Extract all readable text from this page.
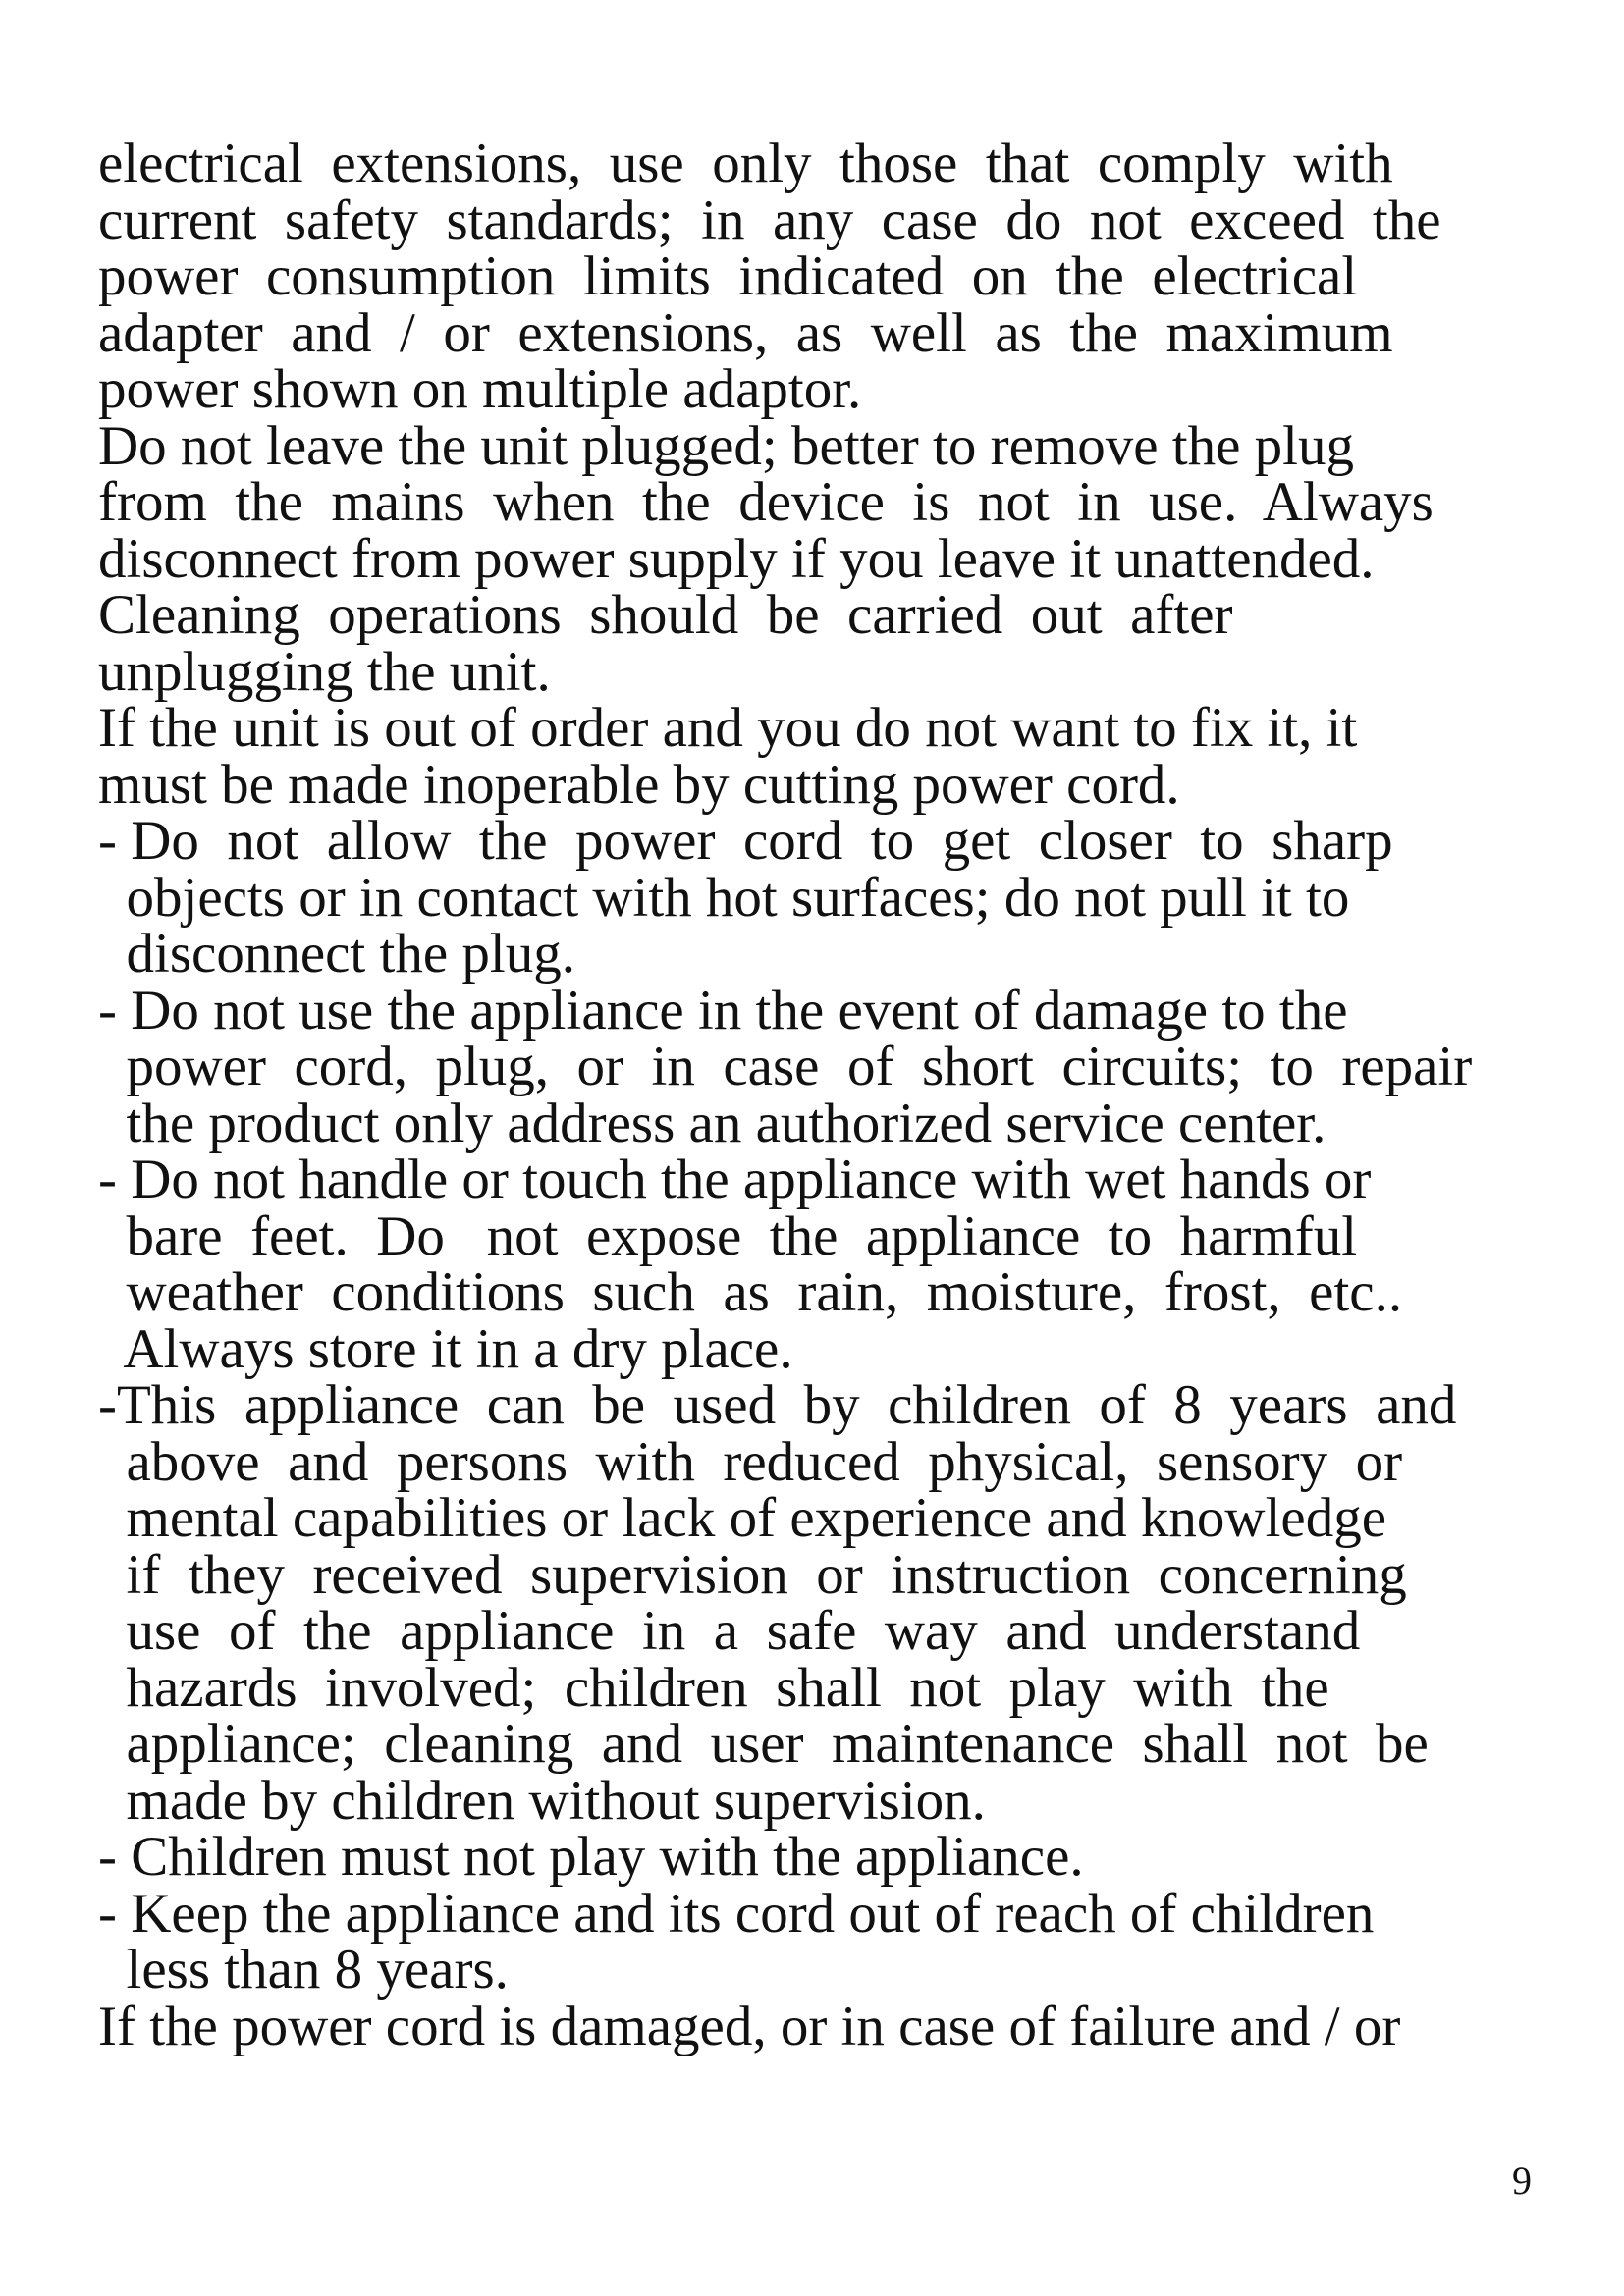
electrical  extensions,  use  only  those  that  comply  with
current  safety  standards;  in  any  case  do  not  exceed  the
power  consumption  limits  indicated  on  the  electrical
adapter  and  /  or  extensions,  as  well  as  the  maximum
power shown on multiple adaptor.
Do not leave the unit plugged; better to remove the plug
from  the  mains  when  the  device  is  not  in  use.  Always
disconnect from power supply if you leave it unattended.
Cleaning  operations  should  be  carried  out  after
unplugging the unit.
If the unit is out of order and you do not want to fix it, it
must be made inoperable by cutting power cord.
- Do  not  allow  the  power  cord  to  get  closer  to  sharp
objects or in contact with hot surfaces; do not pull it to
disconnect the plug.
- Do not use the appliance in the event of damage to the
power  cord,  plug,  or  in  case  of  short  circuits;  to  repair
the product only address an authorized service center.
- Do not handle or touch the appliance with wet hands or
bare  feet.  Do   not  expose  the  appliance  to  harmful
weather  conditions  such  as  rain,  moisture,  frost,  etc..
Always store it in a dry place.
-This  appliance  can  be  used  by  children  of  8  years  and
above  and  persons  with  reduced  physical,  sensory  or
mental capabilities or lack of experience and knowledge
if  they  received  supervision  or  instruction  concerning
use  of  the  appliance  in  a  safe  way  and  understand
hazards  involved;  children  shall  not  play  with  the
appliance;  cleaning  and  user  maintenance  shall  not  be
made by children without supervision.
- Children must not play with the appliance.
- Keep the appliance and its cord out of reach of children
less than 8 years.
If the power cord is damaged, or in case of failure and / or
9
